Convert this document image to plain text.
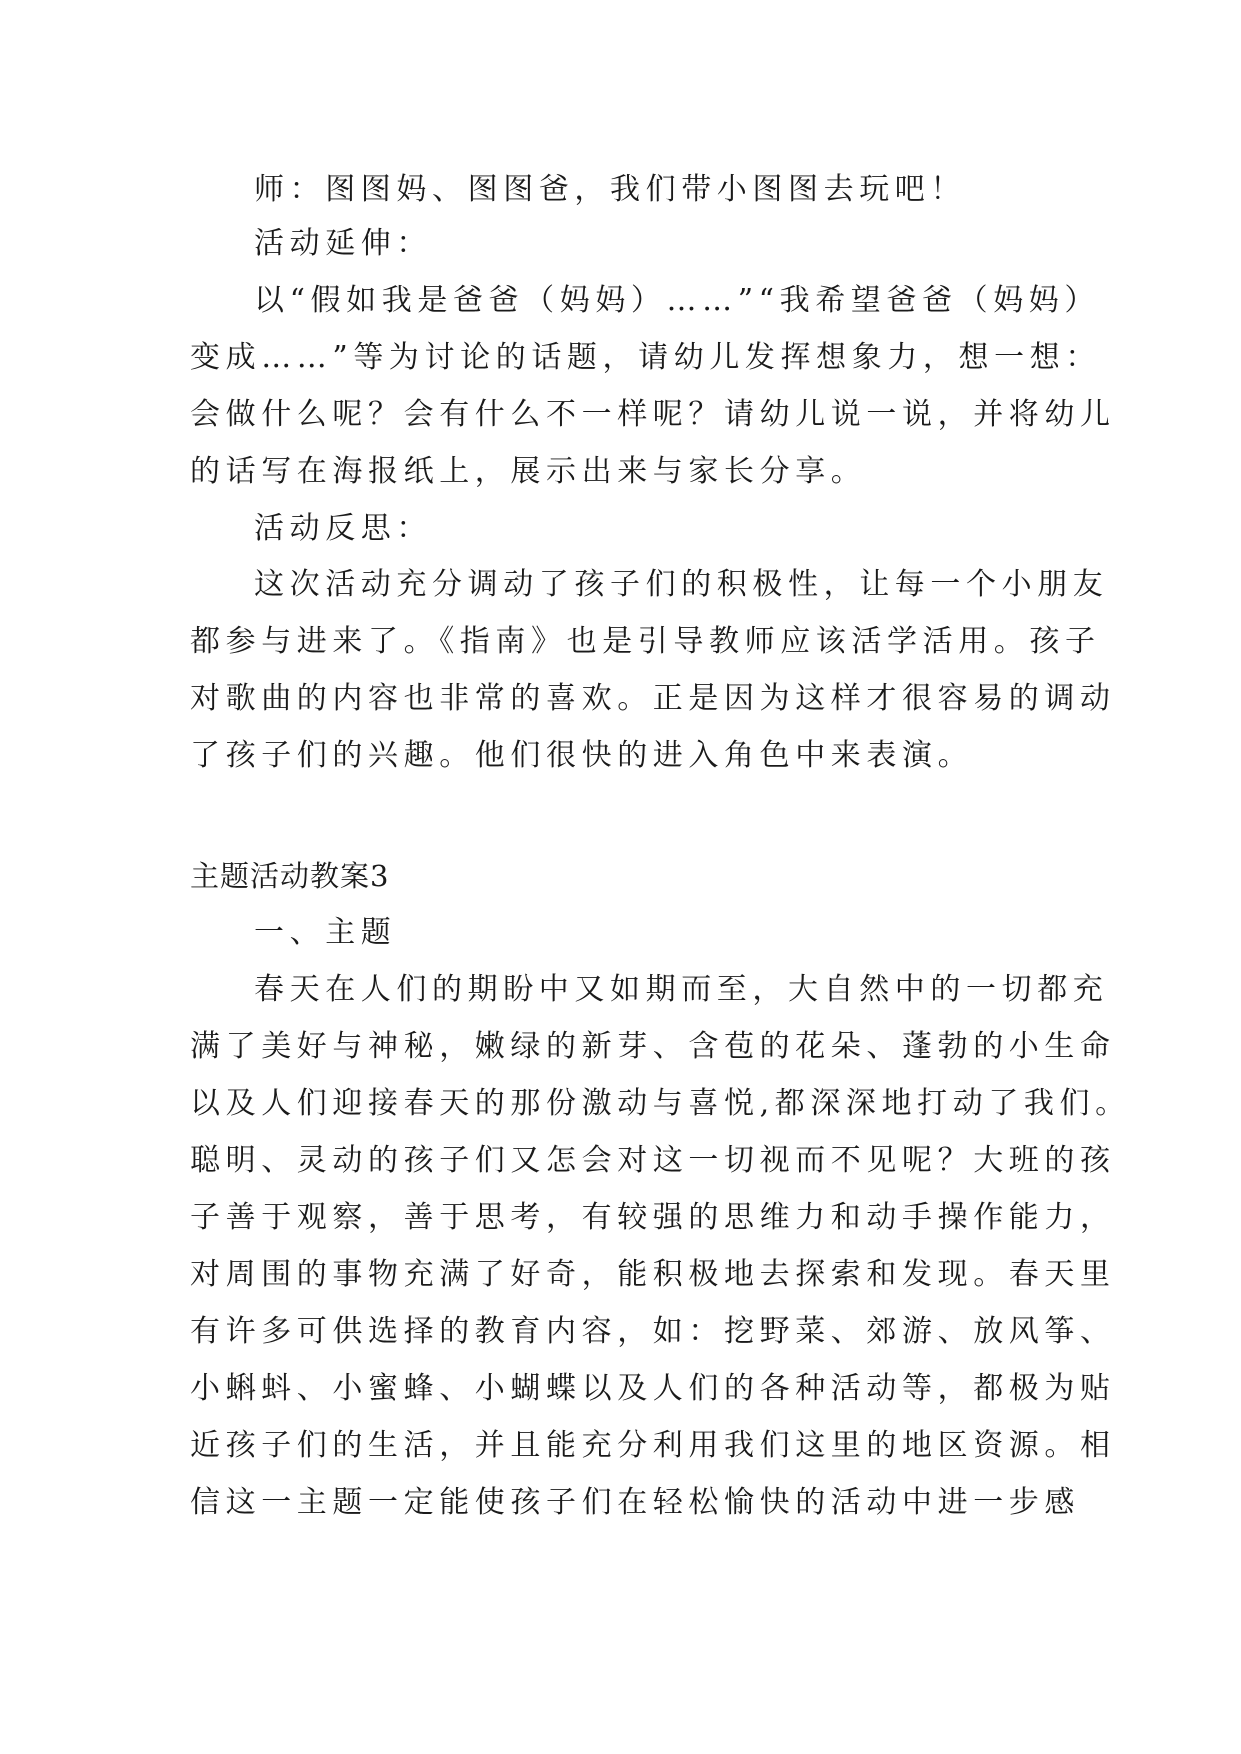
师：图图妈、图图爸，我们带小图图去玩吧！
活动延伸：
以“假如我是爸爸（妈妈）……”“我希望爸爸（妈妈）
变成……”等为讨论的话题，请幼儿发挥想象力，想一想：
会做什么呢？会有什么不一样呢？请幼儿说一说，并将幼儿
的话写在海报纸上，展示出来与家长分享。
活动反思：
这次活动充分调动了孩子们的积极性，让每一个小朋友
都参与进来了。《指南》也是引导教师应该活学活用。孩子
对歌曲的内容也非常的喜欢。正是因为这样才很容易的调动
了孩子们的兴趣。他们很快的进入角色中来表演。
主题活动教案3
一、主题
春天在人们的期盼中又如期而至，大自然中的一切都充
满了美好与神秘，嫩绿的新芽、含苞的花朵、蓬勃的小生命
以及人们迎接春天的那份激动与喜悦,都深深地打动了我们。
聪明、灵动的孩子们又怎会对这一切视而不见呢？大班的孩
子善于观察，善于思考，有较强的思维力和动手操作能力，
对周围的事物充满了好奇，能积极地去探索和发现。春天里
有许多可供选择的教育内容，如：挖野菜、郊游、放风筝、
小蝌蚪、小蜜蜂、小蝴蝶以及人们的各种活动等，都极为贴
近孩子们的生活，并且能充分利用我们这里的地区资源。相
信这一主题一定能使孩子们在轻松愉快的活动中进一步感
